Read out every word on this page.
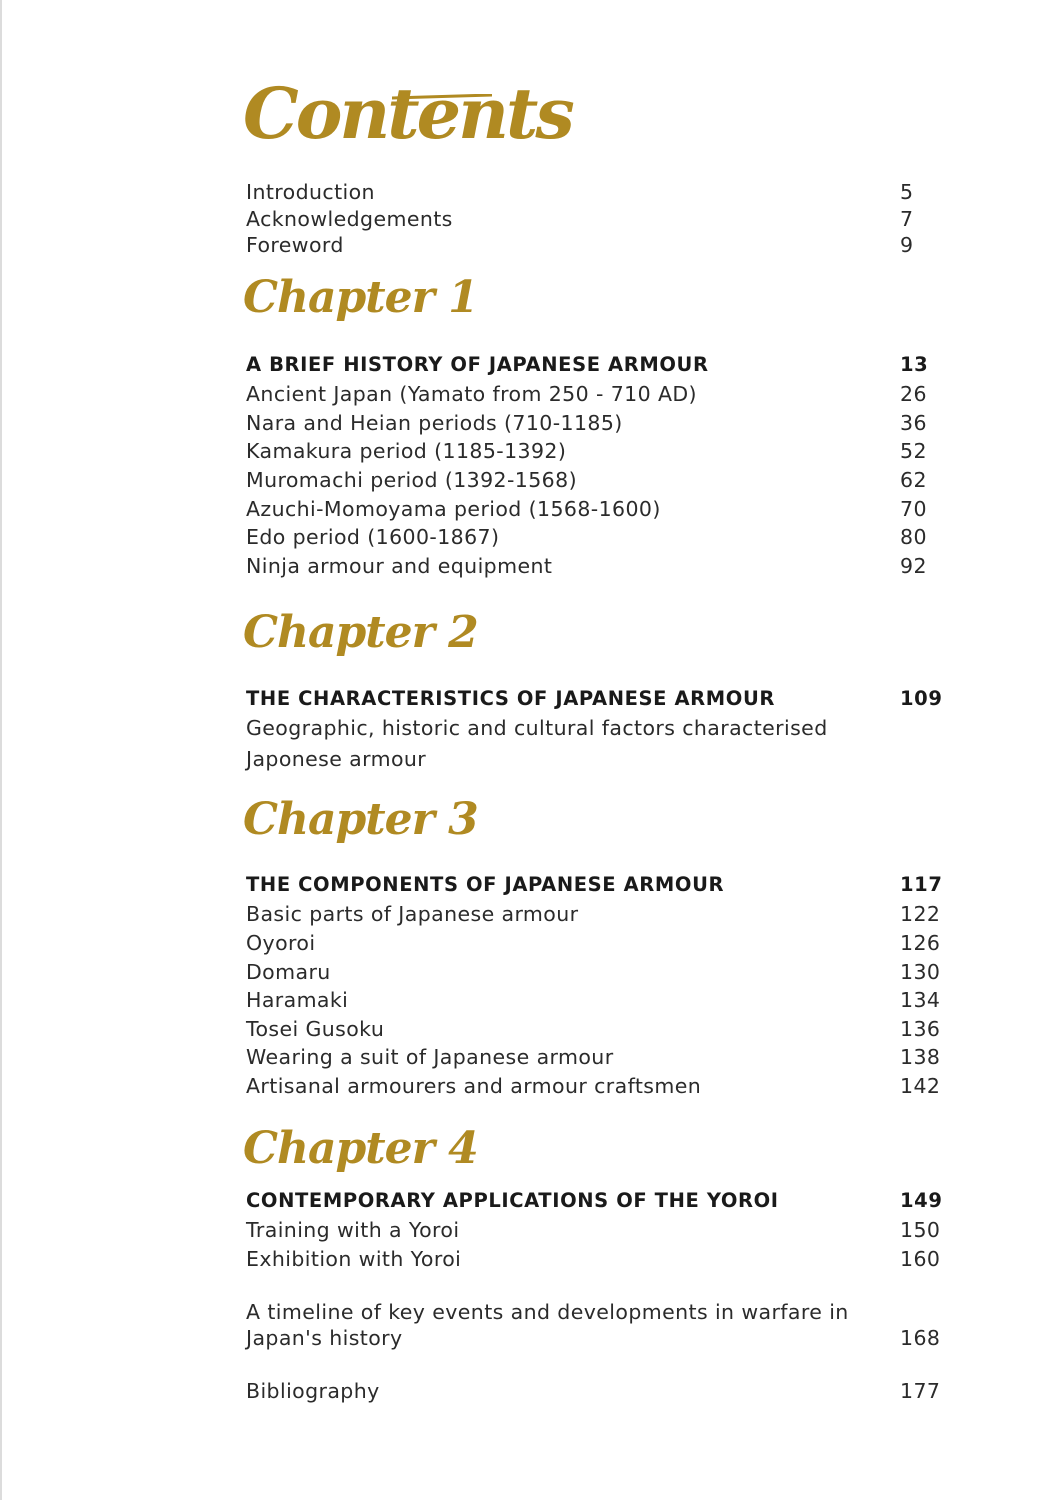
Contents
Introduction	5
Acknowledgements	7
Foreword	9
Chapter 1
A BRIEF HISTORY OF JAPANESE ARMOUR	13
Ancient Japan (Yamato from 250 - 710 AD)	26
Nara and Heian periods (710-1185)	36
Kamakura period (1185-1392)	52
Muromachi period (1392-1568)	62
Azuchi-Momoyama period (1568-1600)	70
Edo period (1600-1867)	80
Ninja armour and equipment	92
Chapter 2
THE CHARACTERISTICS OF JAPANESE ARMOUR	109
Geographic, historic and cultural factors characterised
Japonese armour
Chapter 3
THE COMPONENTS OF JAPANESE ARMOUR	117
Basic parts of Japanese armour	122
Oyoroi	126
Domaru	130
Haramaki	134
Tosei Gusoku	136
Wearing a suit of Japanese armour	138
Artisanal armourers and armour craftsmen	142
Chapter 4
CONTEMPORARY APPLICATIONS OF THE YOROI	149
Training with a Yoroi	150
Exhibition with Yoroi	160
A timeline of key events and developments in warfare in
Japan's history	168
Bibliography	177
